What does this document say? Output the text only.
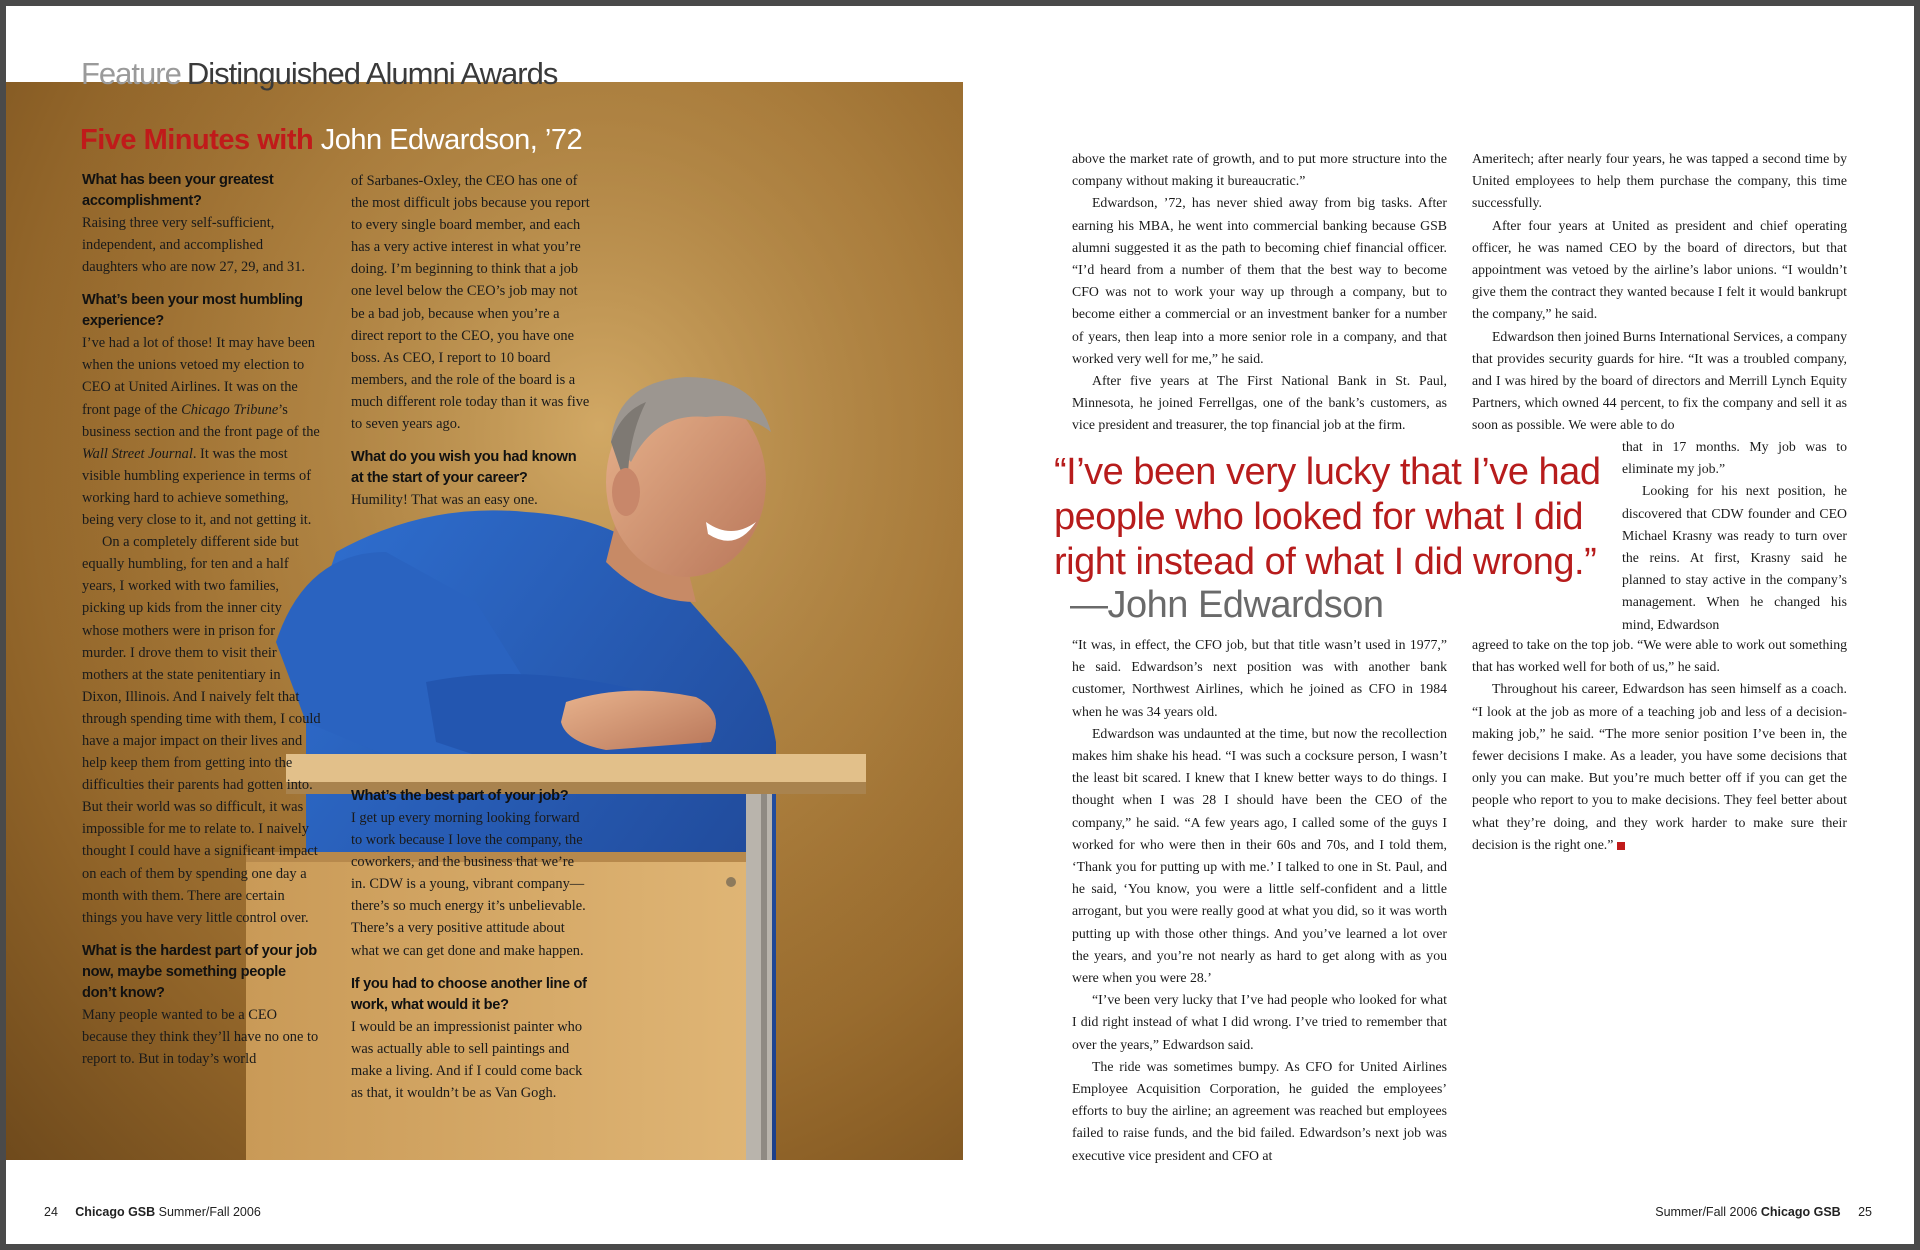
Feature Distinguished Alumni Awards
Five Minutes with John Edwardson, ’72

What has been your greatest accomplishment?

Raising three very self-sufficient, independent, and accomplished daughters who are now 27, 29, and 31.

What’s been your most humbling experience?

I’ve had a lot of those! It may have been when the unions vetoed my election to CEO at United Airlines. It was on the front page of the Chicago Tribune’s business section and the front page of the Wall Street Journal. It was the most visible humbling experience in terms of working hard to achieve something, being very close to it, and not getting it.

On a completely different side but equally humbling, for ten and a half years, I worked with two families, picking up kids from the inner city whose mothers were in prison for murder. I drove them to visit their mothers at the state penitentiary in Dixon, Illinois. And I naively felt that through spending time with them, I could have a major impact on their lives and help keep them from getting into the difficulties their parents had gotten into. But their world was so difficult, it was impossible for me to relate to. I naively thought I could have a significant impact on each of them by spending one day a month with them. There are certain things you have very little control over.

What is the hardest part of your job now, maybe something people don’t know?

Many people wanted to be a CEO because they think they’ll have no one to report to. But in today’s world

of Sarbanes-Oxley, the CEO has one of the most difficult jobs because you report to every single board member, and each has a very active interest in what you’re doing. I’m beginning to think that a job one level below the CEO’s job may not be a bad job, because when you’re a direct report to the CEO, you have one boss. As CEO, I report to 10 board members, and the role of the board is a much different role today than it was five to seven years ago.

What do you wish you had known at the start of your career?

Humility! That was an easy one.

What’s the best part of your job?

I get up every morning looking forward to work because I love the company, the coworkers, and the business that we’re in. CDW is a young, vibrant company—there’s so much energy it’s unbelievable. There’s a very positive attitude about what we can get done and make happen.

If you had to choose another line of work, what would it be?

I would be an impressionist painter who was actually able to sell paintings and make a living. And if I could come back as that, it wouldn’t be as Van Gogh.

24 Chicago GSB Summer/Fall 2006

above the market rate of growth, and to put more structure into the company without making it bureaucratic.”

Edwardson, ’72, has never shied away from big tasks. After earning his MBA, he went into commercial banking because GSB alumni suggested it as the path to becoming chief financial officer. “I’d heard from a number of them that the best way to become CFO was not to work your way up through a company, but to become either a commercial or an investment banker for a number of years, then leap into a more senior role in a company, and that worked very well for me,” he said.

After five years at The First National Bank in St. Paul, Minnesota, he joined Ferrellgas, one of the bank’s customers, as vice president and treasurer, the top financial job at the firm.

“I’ve been very lucky that I’ve had people who looked for what I did right instead of what I did wrong.”
—John Edwardson

“It was, in effect, the CFO job, but that title wasn’t used in 1977,” he said. Edwardson’s next position was with another bank customer, Northwest Airlines, which he joined as CFO in 1984 when he was 34 years old.

Edwardson was undaunted at the time, but now the recollection makes him shake his head. “I was such a cocksure person, I wasn’t the least bit scared. I knew that I knew better ways to do things. I thought when I was 28 I should have been the CEO of the company,” he said. “A few years ago, I called some of the guys I worked for who were then in their 60s and 70s, and I told them, ‘Thank you for putting up with me.’ I talked to one in St. Paul, and he said, ‘You know, you were a little self-confident and a little arrogant, but you were really good at what you did, so it was worth putting up with those other things. And you’ve learned a lot over the years, and you’re not nearly as hard to get along with as you were when you were 28.’

“I’ve been very lucky that I’ve had people who looked for what I did right instead of what I did wrong. I’ve tried to remember that over the years,” Edwardson said.

The ride was sometimes bumpy. As CFO for United Airlines Employee Acquisition Corporation, he guided the employees’ efforts to buy the airline; an agreement was reached but employees failed to raise funds, and the bid failed. Edwardson’s next job was executive vice president and CFO at

Ameritech; after nearly four years, he was tapped a second time by United employees to help them purchase the company, this time successfully.

After four years at United as president and chief operating officer, he was named CEO by the board of directors, but that appointment was vetoed by the airline’s labor unions. “I wouldn’t give them the contract they wanted because I felt it would bankrupt the company,” he said.

Edwardson then joined Burns International Services, a company that provides security guards for hire. “It was a troubled company, and I was hired by the board of directors and Merrill Lynch Equity Partners, which owned 44 percent, to fix the company and sell it as soon as possible. We were able to do

that in 17 months. My job was to eliminate my job.”

Looking for his next position, he discovered that CDW founder and CEO Michael Krasny was ready to turn over the reins. At first, Krasny said he planned to stay active in the company’s management. When he changed his mind, Edwardson

agreed to take on the top job. “We were able to work out something that has worked well for both of us,” he said.

Throughout his career, Edwardson has seen himself as a coach. “I look at the job as more of a teaching job and less of a decision-making job,” he said. “The more senior position I’ve been in, the fewer decisions I make. As a leader, you have some decisions that only you can make. But you’re much better off if you can get the people who report to you to make decisions. They feel better about what they’re doing, and they work harder to make sure their decision is the right one.”

Summer/Fall 2006 Chicago GSB 25
